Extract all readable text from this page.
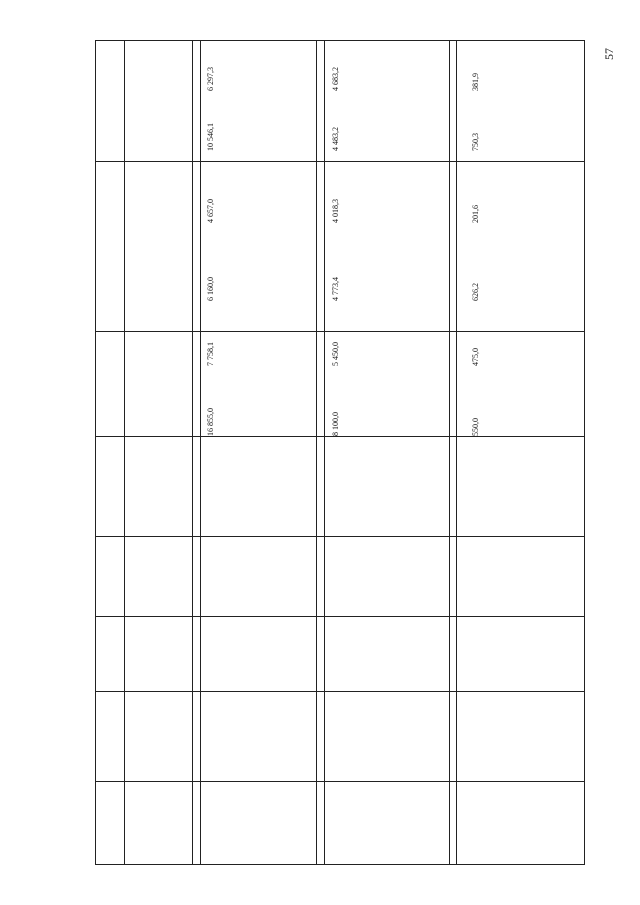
57
16 855,0
7 758,1
6 160,0
4 657,0
10 546,1
6 297,3
8 100,0
5 450,0
4 773,4
4 018,3
4 483,2
4 683,2
550,0
475,0
626,2
201,6
750,3
381,9
